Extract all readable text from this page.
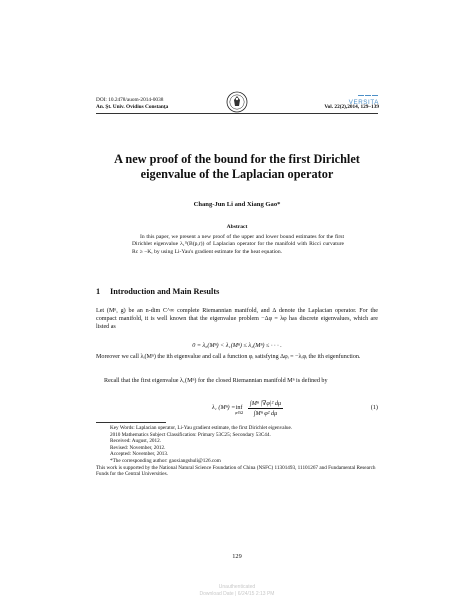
DOI: 10.2478/auom-2014-0038
An. Şt. Univ. Ovidius Constanţa
VERSITA
Vol. 22(2),2014, 129–139
A new proof of the bound for the first Dirichlet eigenvalue of the Laplacian operator
Chang-Jun Li and Xiang Gao*
Abstract
In this paper, we present a new proof of the upper and lower bound estimates for the first Dirichlet eigenvalue λ₁ᴰ(B(p,r)) of Laplacian operator for the manifold with Ricci curvature Rc ≥ −K, by using Li-Yau's gradient estimate for the heat equation.
1 Introduction and Main Results
Let (Mⁿ, g) be an n-dim C^∞ complete Riemannian manifold, and Δ denote the Laplacian operator. For the compact manifold, it is well known that the eigenvalue problem −Δφ = λφ has discrete eigenvalues, which are listed as
0 = λ₀(Mⁿ) < λ₁(Mⁿ) ≤ λ₂(Mⁿ) ≤ · · · .
Moreover we call λᵢ(Mⁿ) the ith eigenvalue and call a function φᵢ satisfying Δφᵢ = −λᵢφᵢ the ith eigenfunction.
Recall that the first eigenvalue λ₁(Mⁿ) for the closed Riemannian manifold Mⁿ is defined by
λ₁ (Mⁿ) = inf
φ∈Ω $\frac{\text{∫Mⁿ |∇φ|² dμ}}{\text{∫Mⁿ φ² dμ}}$	(1)
Key Words: Laplacian operator, Li-Yau gradient estimate, the first Dirichlet eigenvalue.
2010 Mathematics Subject Classification: Primary 53C25; Secondary 53C44.
Received: August, 2012.
Revised: November, 2012.
Accepted: November, 2013.
*The corresponding author: gaoxiangshuli@126.com
This work is supported by the National Natural Science Foundation of China (NSFC) 11301493, 11101267 and Fundamental Research Funds for the Central Universities.
129
Unauthenticated
Download Date | 6/24/15 2:13 PM
